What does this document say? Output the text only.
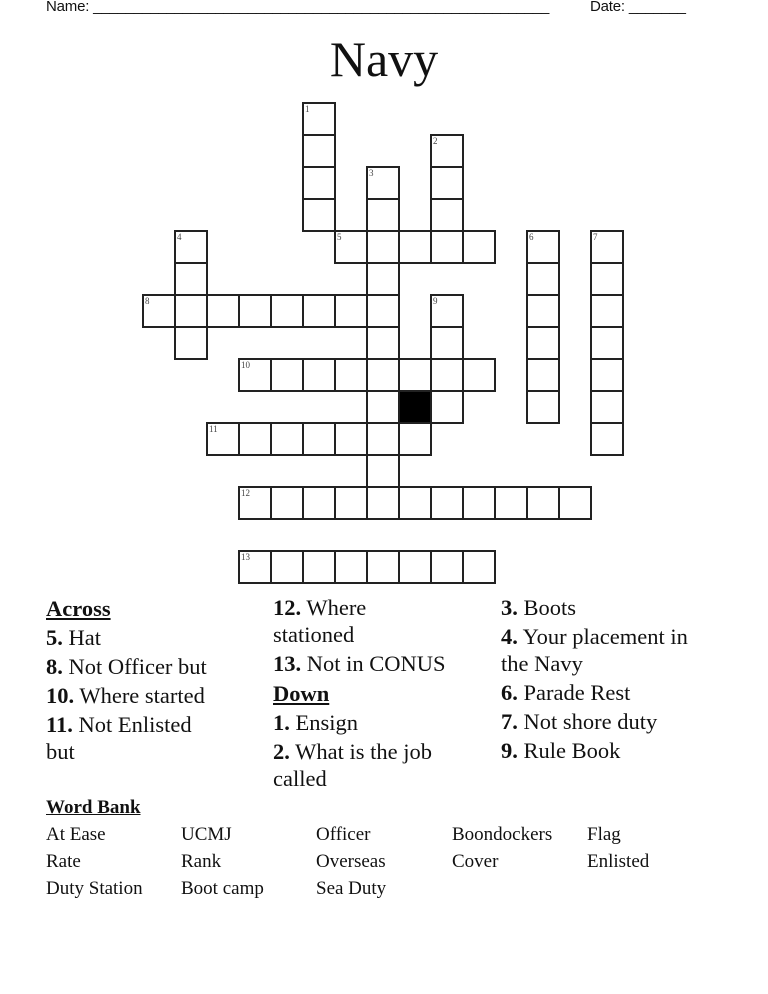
Name: ________________________________________________________	Date: _______
Navy
1
2
3
4	5	6	7
8	9
10
11
12
13
Across
5. Hat
8. Not Officer but
10. Where started
11. Not Enlisted but
12. Where stationed
13. Not in CONUS
Down
1. Ensign
2. What is the job called
3. Boots
4. Your placement in the Navy
6. Parade Rest
7. Not shore duty
9. Rule Book
Word Bank
At Ease	UCMJ	Officer	Boondockers	Flag
Rate	Rank	Overseas	Cover	Enlisted
Duty Station	Boot camp	Sea Duty
